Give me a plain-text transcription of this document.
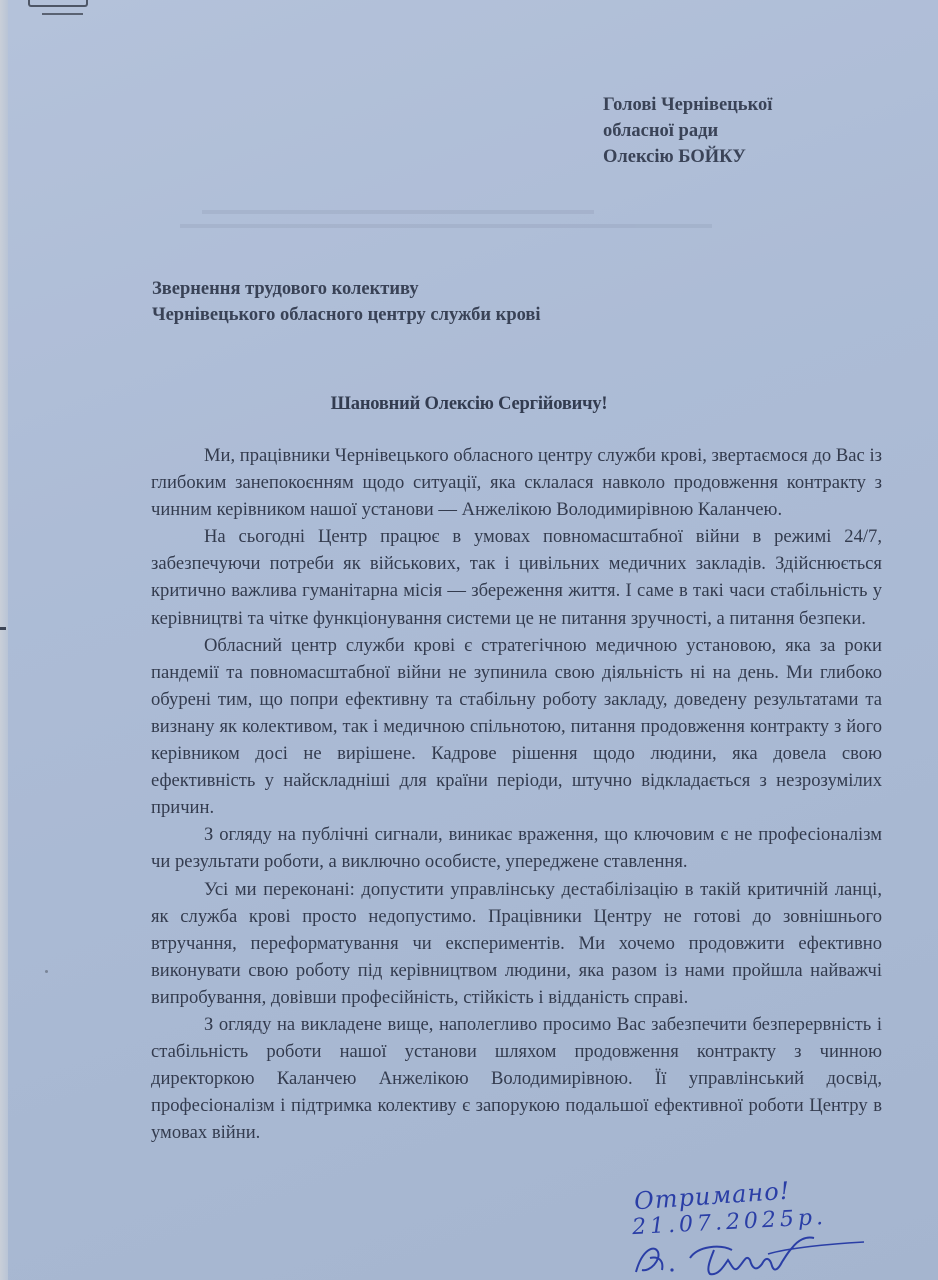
Голові Чернівецької
обласної ради
Олексію БОЙКУ
Звернення трудового колективу
Чернівецького обласного центру служби крові
Шановний Олексію Сергійовичу!

Ми, працівники Чернівецького обласного центру служби крові, звертаємося до Вас із глибоким занепокоєнням щодо ситуації, яка склалася навколо продовження контракту з чинним керівником нашої установи — Анжелікою Володимирівною Каланчею.

На сьогодні Центр працює в умовах повномасштабної війни в режимі 24/7, забезпечуючи потреби як військових, так і цивільних медичних закладів. Здійснюється критично важлива гуманітарна місія — збереження життя. І саме в такі часи стабільність у керівництві та чітке функціонування системи це не питання зручності, а питання безпеки.

Обласний центр служби крові є стратегічною медичною установою, яка за роки пандемії та повномасштабної війни не зупинила свою діяльність ні на день. Ми глибоко обурені тим, що попри ефективну та стабільну роботу закладу, доведену результатами та визнану як колективом, так і медичною спільнотою, питання продовження контракту з його керівником досі не вирішене. Кадрове рішення щодо людини, яка довела свою ефективність у найскладніші для країни періоди, штучно відкладається з незрозумілих причин.

З огляду на публічні сигнали, виникає враження, що ключовим є не професіоналізм чи результати роботи, а виключно особисте, упереджене ставлення.

Усі ми переконані: допустити управлінську дестабілізацію в такій критичній ланці, як служба крові просто недопустимо. Працівники Центру не готові до зовнішнього втручання, переформатування чи експериментів. Ми хочемо продовжити ефективно виконувати свою роботу під керівництвом людини, яка разом із нами пройшла найважчі випробування, довівши професійність, стійкість і відданість справі.

З огляду на викладене вище, наполегливо просимо Вас забезпечити безперервність і стабільність роботи нашої установи шляхом продовження контракту з чинною директоркою Каланчею Анжелікою Володимирівною. Її управлінський досвід, професіоналізм і підтримка колективу є запорукою подальшої ефективної роботи Центру в умовах війни.

Отримано!
21.07.2025р.
